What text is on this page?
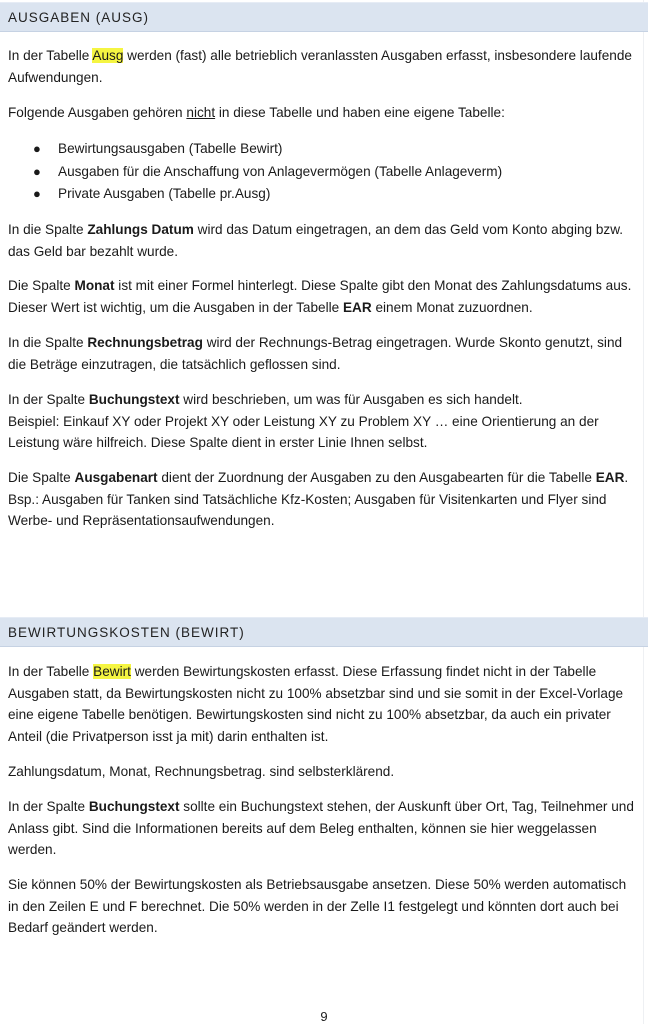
AUSGABEN (AUSG)

In der Tabelle Ausg werden (fast) alle betrieblich veranlassten Ausgaben erfasst, insbesondere laufende Aufwendungen.

Folgende Ausgaben gehören nicht in diese Tabelle und haben eine eigene Tabelle:

● Bewirtungsausgaben (Tabelle Bewirt)
● Ausgaben für die Anschaffung von Anlagevermögen (Tabelle Anlageverm)
● Private Ausgaben (Tabelle pr.Ausg)

In die Spalte Zahlungs Datum wird das Datum eingetragen, an dem das Geld vom Konto abging bzw. das Geld bar bezahlt wurde.

Die Spalte Monat ist mit einer Formel hinterlegt. Diese Spalte gibt den Monat des Zahlungsdatums aus. Dieser Wert ist wichtig, um die Ausgaben in der Tabelle EAR einem Monat zuzuordnen.

In die Spalte Rechnungsbetrag wird der Rechnungs-Betrag eingetragen. Wurde Skonto genutzt, sind die Beträge einzutragen, die tatsächlich geflossen sind.

In der Spalte Buchungstext wird beschrieben, um was für Ausgaben es sich handelt.
Beispiel: Einkauf XY oder Projekt XY oder Leistung XY zu Problem XY … eine Orientierung an der Leistung wäre hilfreich. Diese Spalte dient in erster Linie Ihnen selbst.

Die Spalte Ausgabenart dient der Zuordnung der Ausgaben zu den Ausgabearten für die Tabelle EAR.
Bsp.: Ausgaben für Tanken sind Tatsächliche Kfz-Kosten; Ausgaben für Visitenkarten und Flyer sind Werbe- und Repräsentationsaufwendungen.

BEWIRTUNGSKOSTEN (BEWIRT)

In der Tabelle Bewirt werden Bewirtungskosten erfasst. Diese Erfassung findet nicht in der Tabelle Ausgaben statt, da Bewirtungskosten nicht zu 100% absetzbar sind und sie somit in der Excel-Vorlage eine eigene Tabelle benötigen. Bewirtungskosten sind nicht zu 100% absetzbar, da auch ein privater Anteil (die Privatperson isst ja mit) darin enthalten ist.

Zahlungsdatum, Monat, Rechnungsbetrag. sind selbsterklärend.

In der Spalte Buchungstext sollte ein Buchungstext stehen, der Auskunft über Ort, Tag, Teilnehmer und Anlass gibt. Sind die Informationen bereits auf dem Beleg enthalten, können sie hier weggelassen werden.

Sie können 50% der Bewirtungskosten als Betriebsausgabe ansetzen. Diese 50% werden automatisch in den Zeilen E und F berechnet. Die 50% werden in der Zelle I1 festgelegt und könnten dort auch bei Bedarf geändert werden.

9
